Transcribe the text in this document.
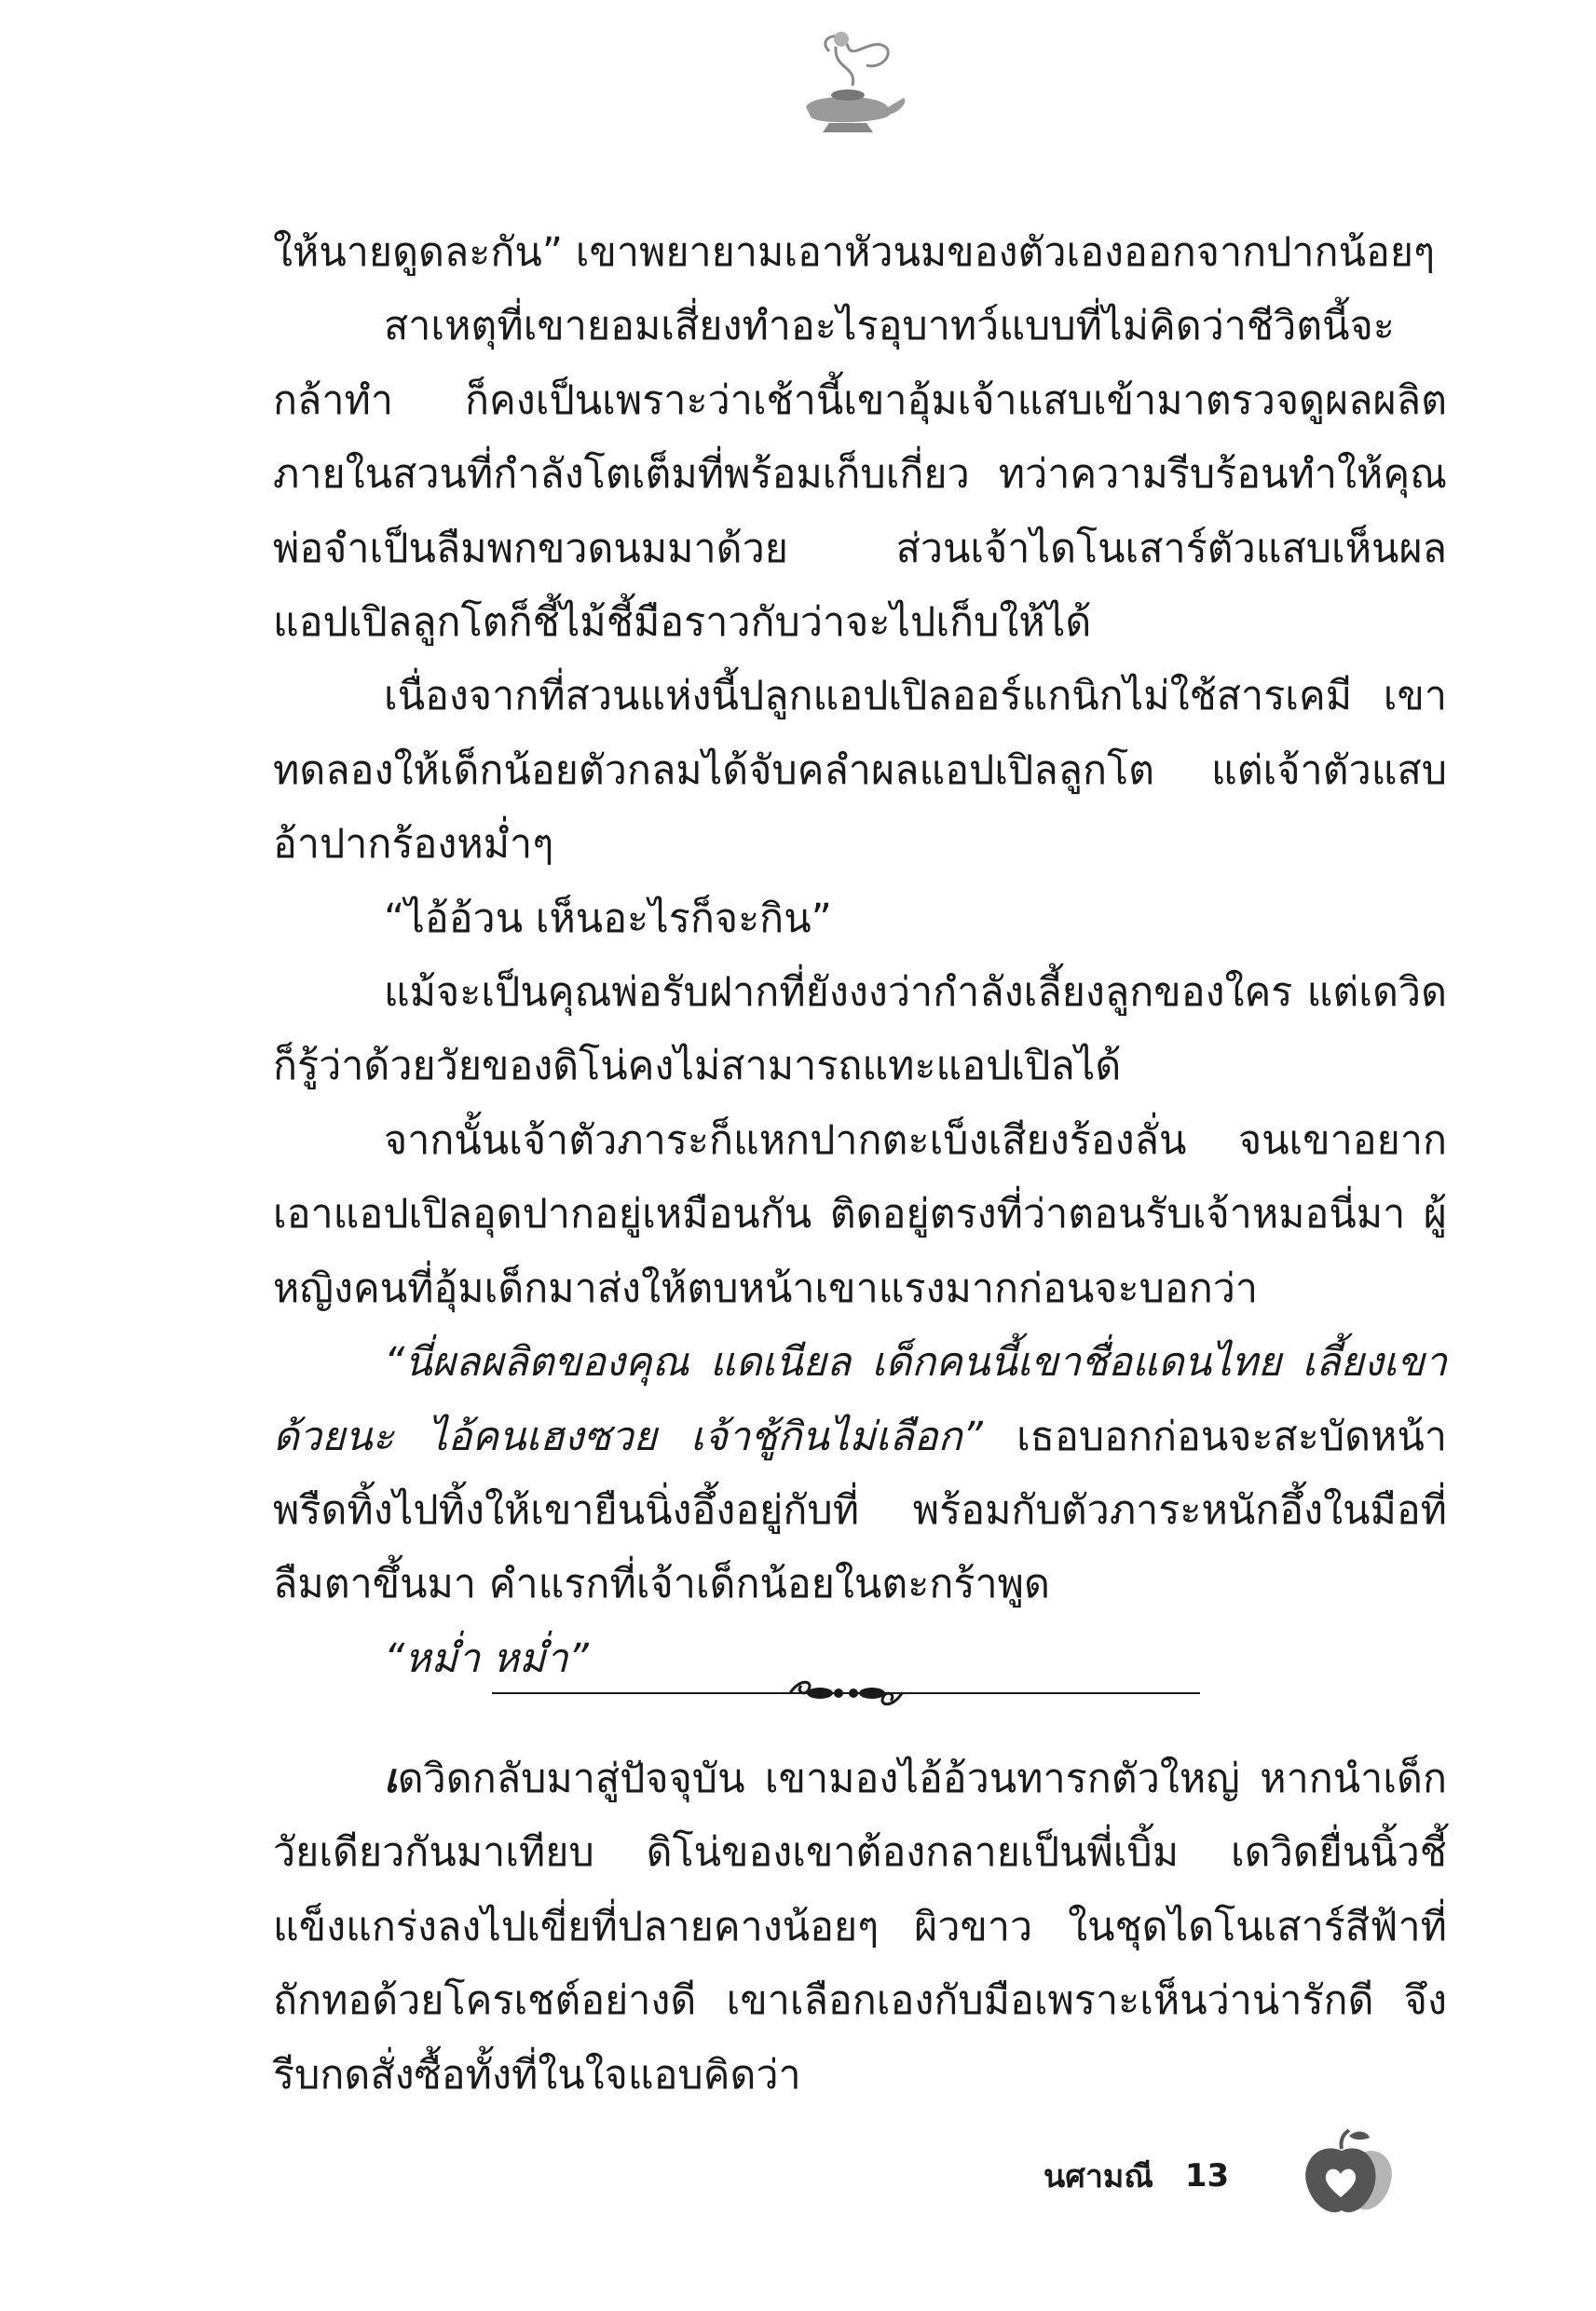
ให้นายดูดละกัน” เขาพยายามเอาหัวนมของตัวเองออกจากปากน้อยๆ

สาเหตุที่เขายอมเสี่ยงทำอะไรอุบาทว์แบบที่ไม่คิดว่าชีวิตนี้จะกล้าทำ ก็คงเป็นเพราะว่าเช้านี้เขาอุ้มเจ้าแสบเข้ามาตรวจดูผลผลิตภายในสวนที่กำลังโตเต็มที่พร้อมเก็บเกี่ยว ทว่าความรีบร้อนทำให้คุณพ่อจำเป็นลืมพกขวดนมมาด้วย ส่วนเจ้าไดโนเสาร์ตัวแสบเห็นผลแอปเปิลลูกโตก็ชี้ไม้ชี้มือราวกับว่าจะไปเก็บให้ได้

เนื่องจากที่สวนแห่งนี้ปลูกแอปเปิลออร์แกนิกไม่ใช้สารเคมี เขาทดลองให้เด็กน้อยตัวกลมได้จับคลำผลแอปเปิลลูกโต แต่เจ้าตัวแสบอ้าปากร้องหม่ำๆ

“ไอ้อ้วน เห็นอะไรก็จะกิน”

แม้จะเป็นคุณพ่อรับฝากที่ยังงงว่ากำลังเลี้ยงลูกของใคร แต่เดวิดก็รู้ว่าด้วยวัยของดิโน่คงไม่สามารถแทะแอปเปิลได้

จากนั้นเจ้าตัวภาระก็แหกปากตะเบ็งเสียงร้องลั่น จนเขาอยากเอาแอปเปิลอุดปากอยู่เหมือนกัน ติดอยู่ตรงที่ว่าตอนรับเจ้าหมอนี่มา ผู้หญิงคนที่อุ้มเด็กมาส่งให้ตบหน้าเขาแรงมากก่อนจะบอกว่า

“นี่ผลผลิตของคุณ แดเนียล เด็กคนนี้เขาชื่อแดนไทย เลี้ยงเขาด้วยนะ ไอ้คนเฮงซวย เจ้าชู้กินไม่เลือก” เธอบอกก่อนจะสะบัดหน้าพรืดทิ้งไปทิ้งให้เขายืนนิ่งอึ้งอยู่กับที่ พร้อมกับตัวภาระหนักอึ้งในมือที่ลืมตาขึ้นมา คำแรกที่เจ้าเด็กน้อยในตะกร้าพูด

“หม่ำ หม่ำ”

เดวิดกลับมาสู่ปัจจุบัน เขามองไอ้อ้วนทารกตัวใหญ่ หากนำเด็กวัยเดียวกันมาเทียบ ดิโน่ของเขาต้องกลายเป็นพี่เบิ้ม เดวิดยื่นนิ้วชี้แข็งแกร่งลงไปเขี่ยที่ปลายคางน้อยๆ ผิวขาว ในชุดไดโนเสาร์สีฟ้าที่ถักทอด้วยโครเชต์อย่างดี เขาเลือกเองกับมือเพราะเห็นว่าน่ารักดี จึงรีบกดสั่งซื้อทั้งที่ในใจแอบคิดว่า

นศามณี 13
